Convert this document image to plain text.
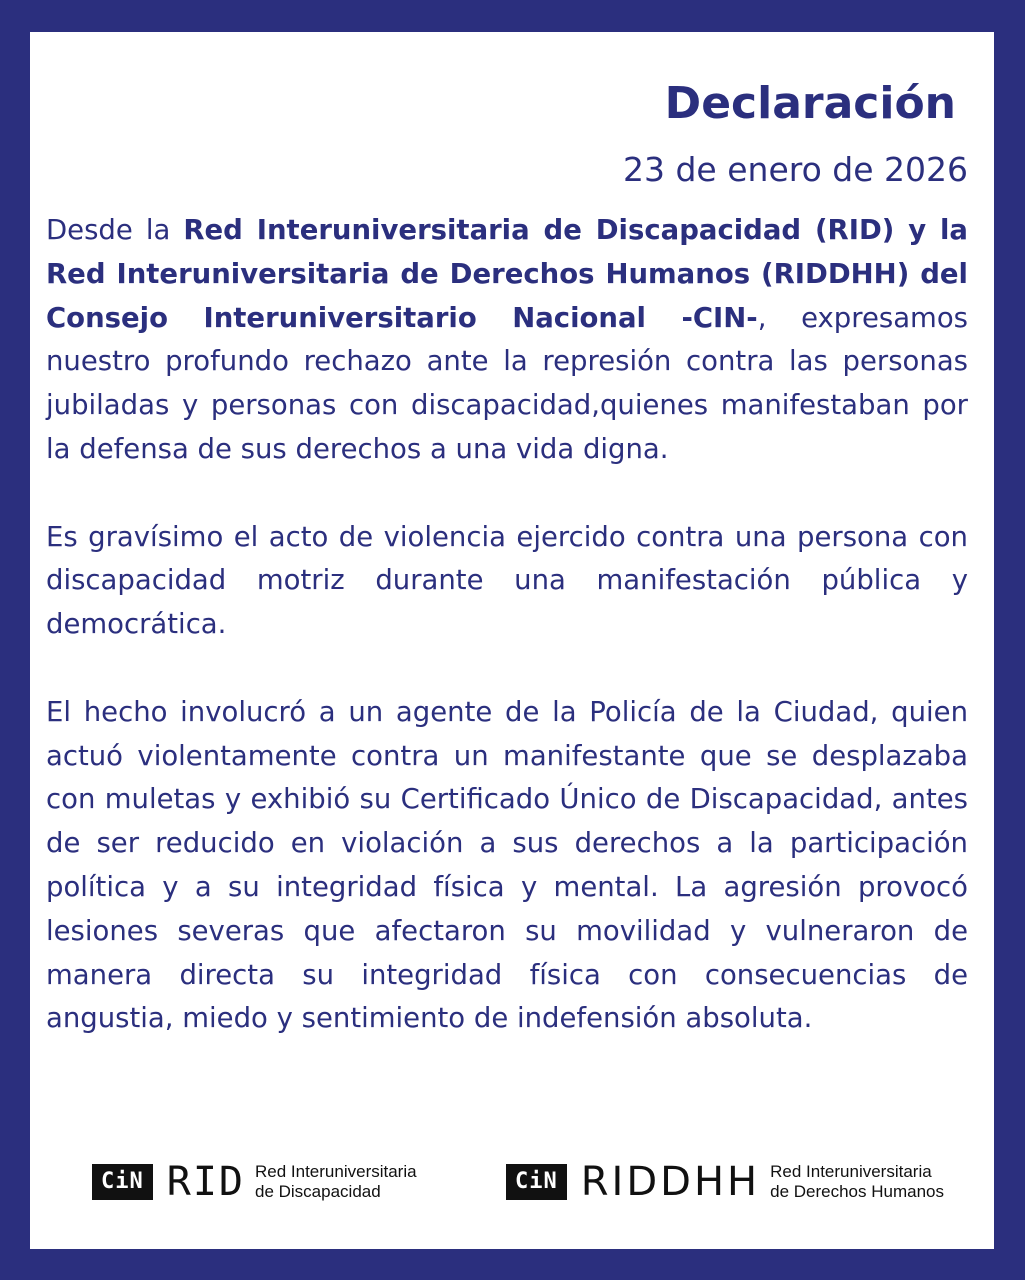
Declaración
23 de enero de 2026

Desde la Red Interuniversitaria de Discapacidad (RID) y la Red Interuniversitaria de Derechos Humanos (RIDDHH) del Consejo Interuniversitario Nacional -CIN-, expresamos nuestro profundo rechazo ante la represión contra las personas jubiladas y personas con discapacidad,quienes manifestaban por la defensa de sus derechos a una vida digna.

Es gravísimo el acto de violencia ejercido contra una persona con discapacidad motriz durante una manifestación pública y democrática.

El hecho involucró a un agente de la Policía de la Ciudad, quien actuó violentamente contra un manifestante que se desplazaba con muletas y exhibió su Certificado Único de Discapacidad, antes de ser reducido en violación a sus derechos a la participación política y a su integridad física y mental. La agresión provocó lesiones severas que afectaron su movilidad y vulneraron de manera directa su integridad física con consecuencias de angustia, miedo y sentimiento de indefensión absoluta.

CiN RID Red Interuniversitaria
de Discapacidad	CiN RIDDHH Red Interuniversitaria
de Derechos Humanos
